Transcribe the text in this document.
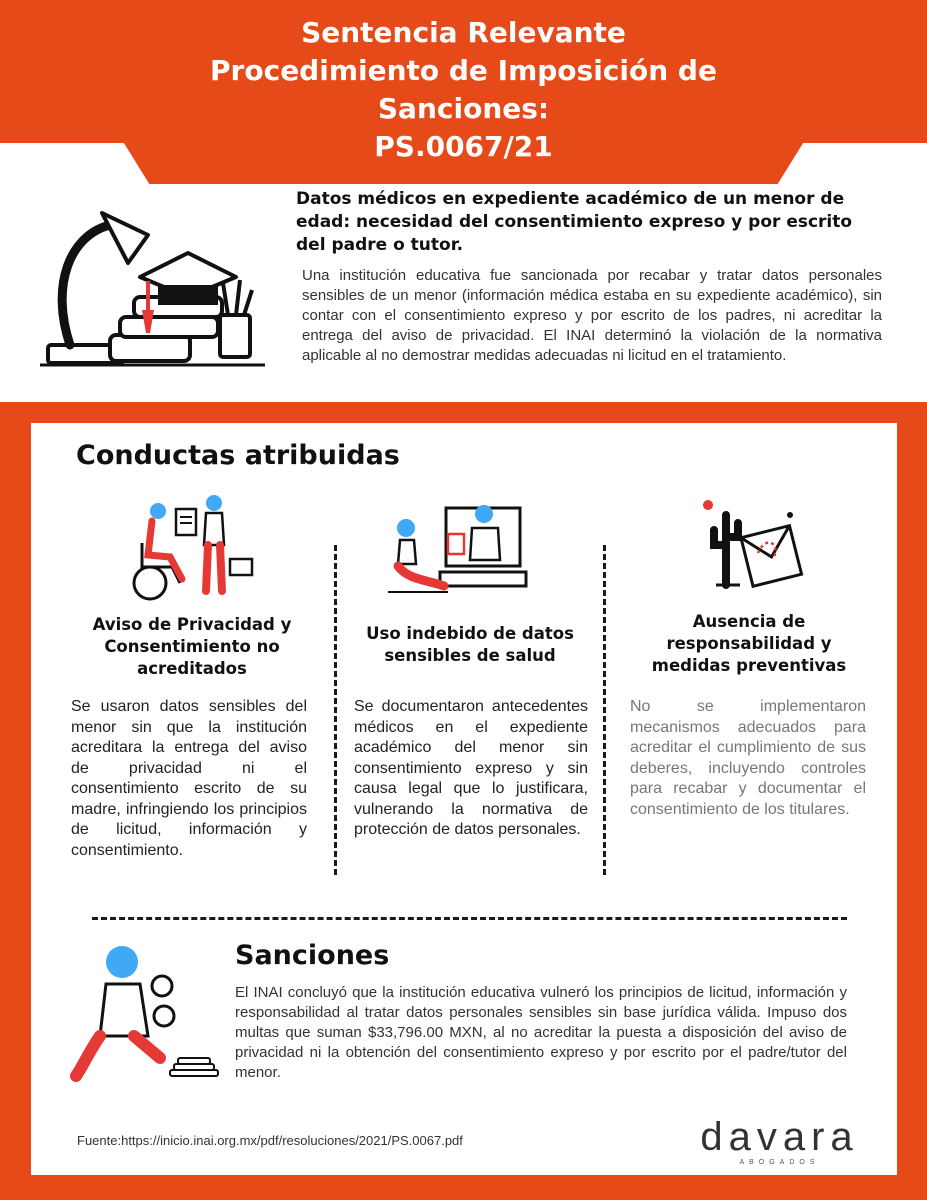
Sentencia Relevante
Procedimiento de Imposición de
Sanciones:
PS.0067/21
Datos médicos en expediente académico de un menor de edad: necesidad del consentimiento expreso y por escrito del padre o tutor.
Una institución educativa fue sancionada por recabar y tratar datos personales sensibles de un menor (información médica estaba en su expediente académico), sin contar con el consentimiento expreso y por escrito de los padres, ni acreditar la entrega del aviso de privacidad. El INAI determinó la violación de la normativa aplicable al no demostrar medidas adecuadas ni licitud en el tratamiento.
Conductas atribuidas
Aviso de Privacidad y Consentimiento no acreditados
Uso indebido de datos sensibles de salud
Ausencia de responsabilidad y medidas preventivas
Se usaron datos sensibles del menor sin que la institución acreditara la entrega del aviso de privacidad ni el consentimiento escrito de su madre, infringiendo los principios de licitud, información y consentimiento.
Se documentaron antecedentes médicos en el expediente académico del menor sin consentimiento expreso y sin causa legal que lo justificara, vulnerando la normativa de protección de datos personales.
No se implementaron mecanismos adecuados para acreditar el cumplimiento de sus deberes, incluyendo controles para recabar y documentar el consentimiento de los titulares.
Sanciones
El INAI concluyó que la institución educativa vulneró los principios de licitud, información y responsabilidad al tratar datos personales sensibles sin base jurídica válida. Impuso dos multas que suman $33,796.00 MXN, al no acreditar la puesta a disposición del aviso de privacidad ni la obtención del consentimiento expreso y por escrito por el padre/tutor del menor.
Fuente:https://inicio.inai.org.mx/pdf/resoluciones/2021/PS.0067.pdf	davara
ABOGADOS
